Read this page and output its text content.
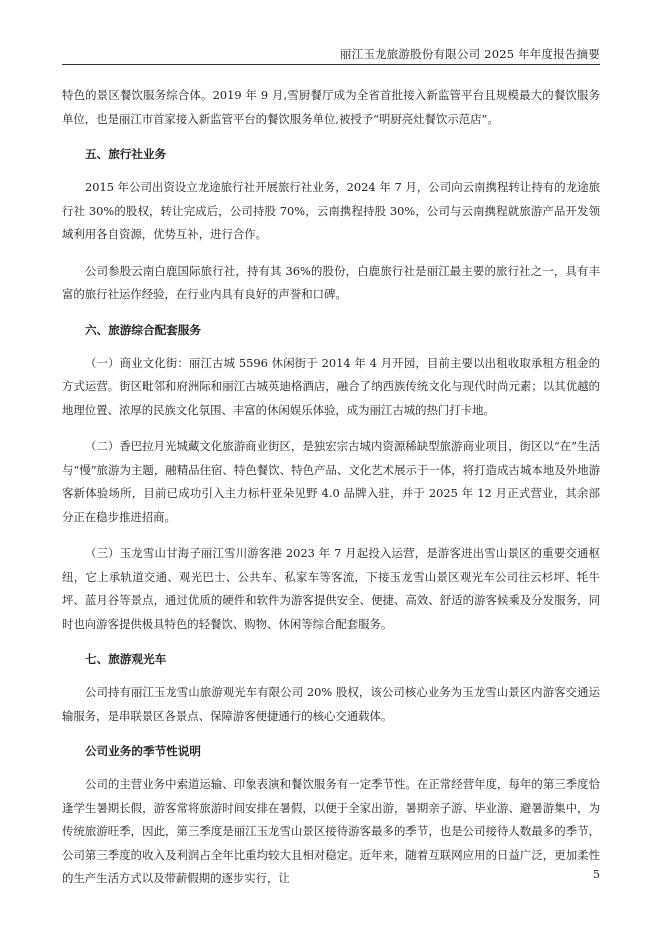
丽江玉龙旅游股份有限公司 2025 年年度报告摘要

特色的景区餐饮服务综合体。2019 年 9 月,雪厨餐厅成为全省首批接入新监管平台且规模最大的餐饮服务单位，也是丽江市首家接入新监管平台的餐饮服务单位,被授予“明厨亮灶餐饮示范店”。

五、旅行社业务

2015 年公司出资设立龙途旅行社开展旅行社业务，2024 年 7 月，公司向云南携程转让持有的龙途旅行社 30%的股权，转让完成后，公司持股 70%，云南携程持股 30%，公司与云南携程就旅游产品开发领域利用各自资源，优势互补，进行合作。

公司参股云南白鹿国际旅行社，持有其 36%的股份，白鹿旅行社是丽江最主要的旅行社之一，具有丰富的旅行社运作经验，在行业内具有良好的声誉和口碑。

六、旅游综合配套服务

（一）商业文化街：丽江古城 5596 休闲街于 2014 年 4 月开园，目前主要以出租收取承租方租金的方式运营。街区毗邻和府洲际和丽江古城英迪格酒店，融合了纳西族传统文化与现代时尚元素；以其优越的地理位置、浓厚的民族文化氛围、丰富的休闲娱乐体验，成为丽江古城的热门打卡地。

（二）香巴拉月光城藏文化旅游商业街区，是独宏宗古城内资源稀缺型旅游商业项目，街区以“在”生活与“慢”旅游为主题，融精品住宿、特色餐饮、特色产品、文化艺术展示于一体，将打造成古城本地及外地游客新体验场所，目前已成功引入主力标杆亚朵见野 4.0 品牌入驻，并于 2025 年 12 月正式营业，其余部分正在稳步推进招商。

（三）玉龙雪山甘海子丽江雪川游客港 2023 年 7 月起投入运营，是游客进出雪山景区的重要交通枢纽，它上承轨道交通、观光巴士、公共车、私家车等客流，下接玉龙雪山景区观光车公司往云杉坪、牦牛坪、蓝月谷等景点，通过优质的硬件和软件为游客提供安全、便捷、高效、舒适的游客候乘及分发服务，同时也向游客提供极具特色的轻餐饮、购物、休闲等综合配套服务。

七、旅游观光车

公司持有丽江玉龙雪山旅游观光车有限公司 20% 股权，该公司核心业务为玉龙雪山景区内游客交通运输服务，是串联景区各景点、保障游客便捷通行的核心交通载体。

公司业务的季节性说明

公司的主营业务中索道运输、印象表演和餐饮服务有一定季节性。在正常经营年度，每年的第三季度恰逢学生暑期长假，游客常将旅游时间安排在暑假，以便于全家出游，暑期亲子游、毕业游、避暑游集中，为传统旅游旺季，因此，第三季度是丽江玉龙雪山景区接待游客最多的季节，也是公司接待人数最多的季节，公司第三季度的收入及利润占全年比重均较大且相对稳定。近年来，随着互联网应用的日益广泛，更加柔性的生产生活方式以及带薪假期的逐步实行，让	5
